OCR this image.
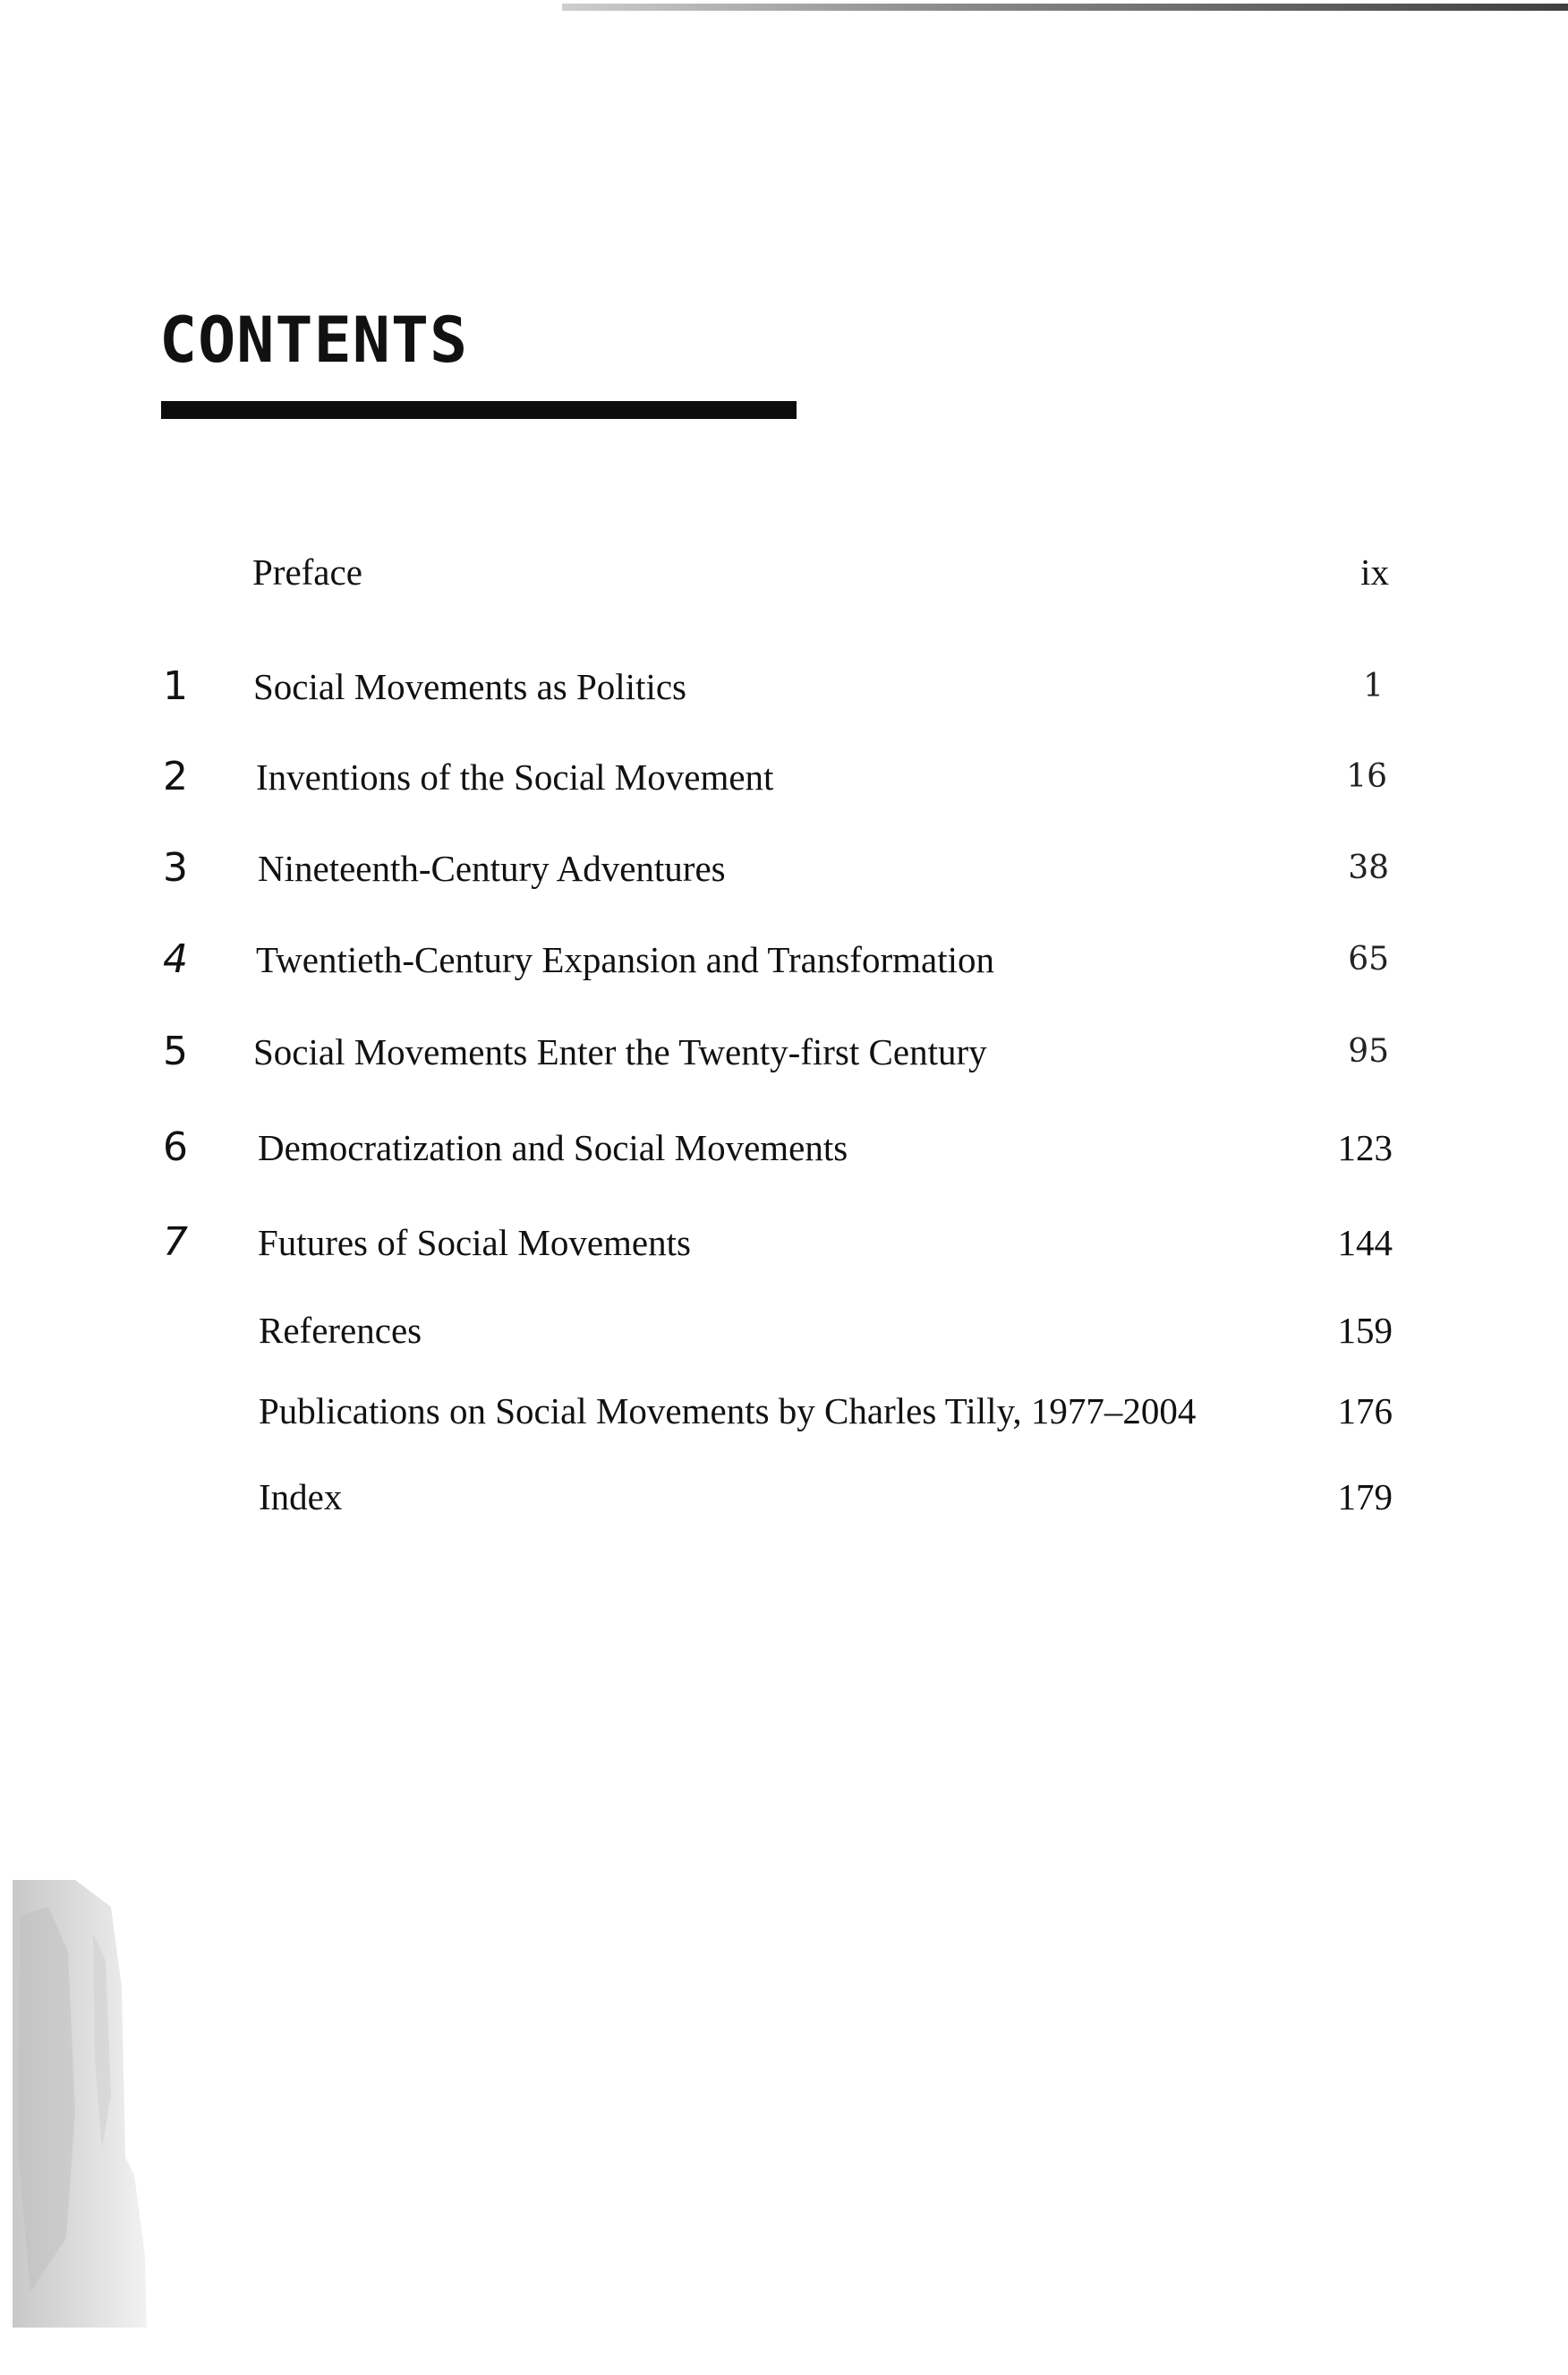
CONTENTS
Preface	ix
1 Social Movements as Politics	1
2 Inventions of the Social Movement	16
3 Nineteenth-Century Adventures	38
4 Twentieth-Century Expansion and Transformation	65
5 Social Movements Enter the Twenty-first Century	95
6 Democratization and Social Movements	123
7 Futures of Social Movements	144
References	159
Publications on Social Movements by Charles Tilly, 1977–2004	176
Index	179
